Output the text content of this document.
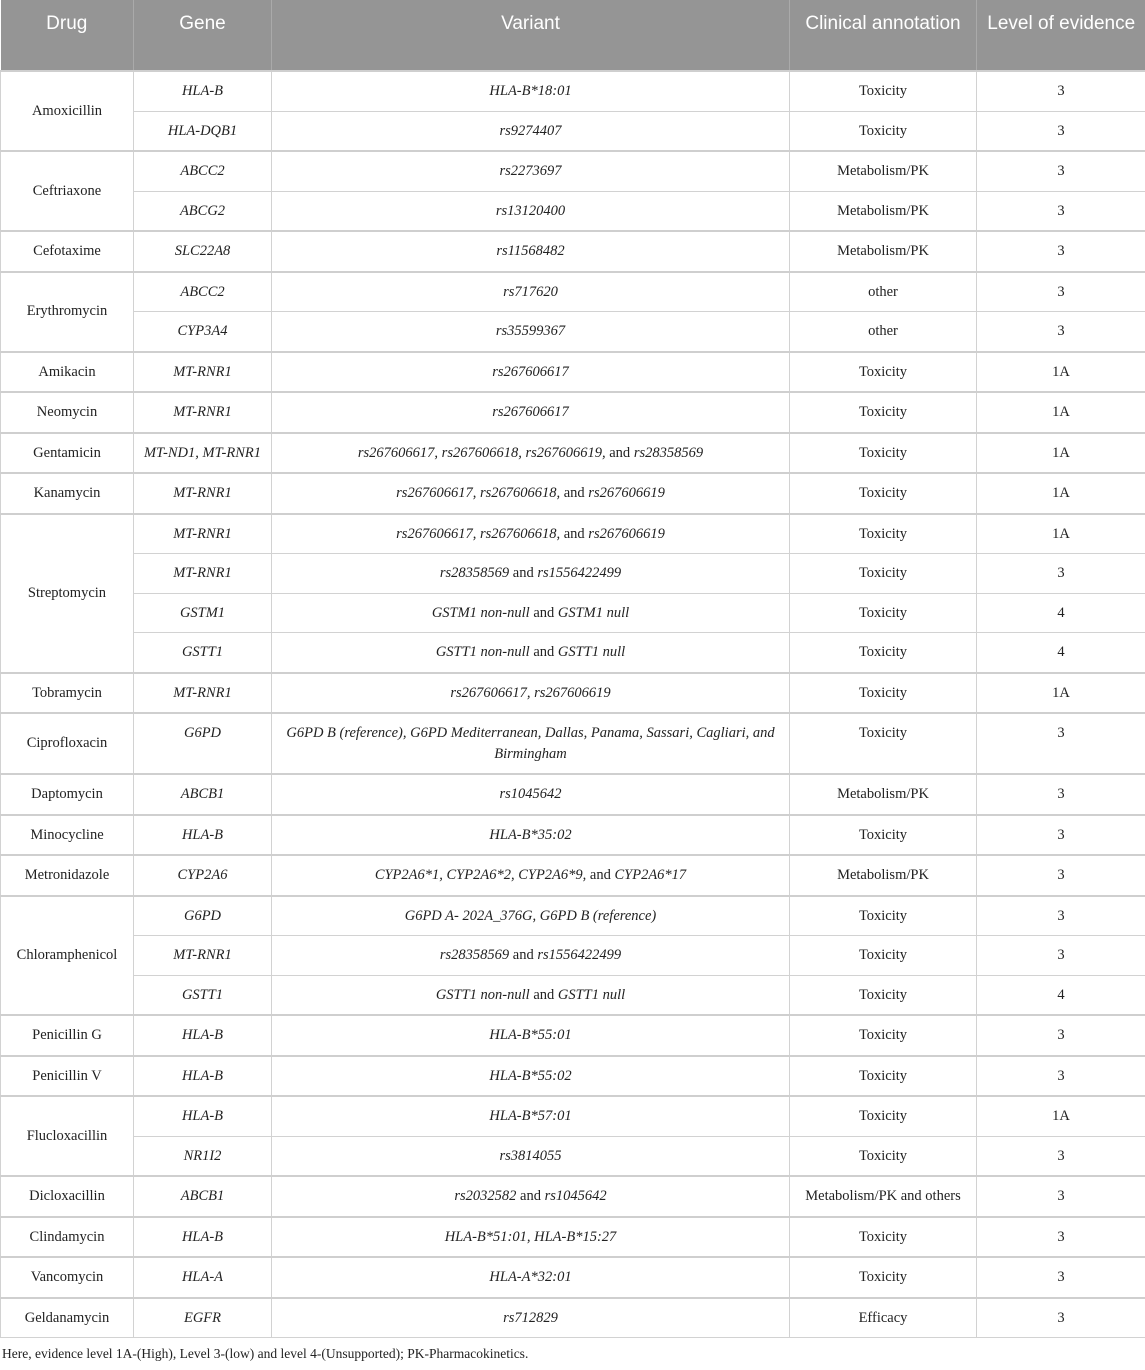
Drug	Gene	Variant	Clinical annotation	Level of evidence

Amoxicillin	HLA-B	HLA-B*18:01	Toxicity	3
	HLA-DQB1	rs9274407	Toxicity	3
Ceftriaxone	ABCC2	rs2273697	Metabolism/PK	3
	ABCG2	rs13120400	Metabolism/PK	3
Cefotaxime	SLC22A8	rs11568482	Metabolism/PK	3
Erythromycin	ABCC2	rs717620	other	3
	CYP3A4	rs35599367	other	3
Amikacin	MT-RNR1	rs267606617	Toxicity	1A
Neomycin	MT-RNR1	rs267606617	Toxicity	1A
Gentamicin	MT-ND1, MT-RNR1	rs267606617, rs267606618, rs267606619, and rs28358569	Toxicity	1A
Kanamycin	MT-RNR1	rs267606617, rs267606618, and rs267606619	Toxicity	1A
Streptomycin	MT-RNR1	rs267606617, rs267606618, and rs267606619	Toxicity	1A
	MT-RNR1	rs28358569 and rs1556422499	Toxicity	3
	GSTM1	GSTM1 non-null and GSTM1 null	Toxicity	4
	GSTT1	GSTT1 non-null and GSTT1 null	Toxicity	4
Tobramycin	MT-RNR1	rs267606617, rs267606619	Toxicity	1A
Ciprofloxacin	G6PD	G6PD B (reference), G6PD Mediterranean, Dallas, Panama, Sassari, Cagliari, and Birmingham	Toxicity	3
Daptomycin	ABCB1	rs1045642	Metabolism/PK	3
Minocycline	HLA-B	HLA-B*35:02	Toxicity	3
Metronidazole	CYP2A6	CYP2A6*1, CYP2A6*2, CYP2A6*9, and CYP2A6*17	Metabolism/PK	3
Chloramphenicol	G6PD	G6PD A- 202A_376G, G6PD B (reference)	Toxicity	3
	MT-RNR1	rs28358569 and rs1556422499	Toxicity	3
	GSTT1	GSTT1 non-null and GSTT1 null	Toxicity	4
Penicillin G	HLA-B	HLA-B*55:01	Toxicity	3
Penicillin V	HLA-B	HLA-B*55:02	Toxicity	3
Flucloxacillin	HLA-B	HLA-B*57:01	Toxicity	1A
	NR1I2	rs3814055	Toxicity	3
Dicloxacillin	ABCB1	rs2032582 and rs1045642	Metabolism/PK and others	3
Clindamycin	HLA-B	HLA-B*51:01, HLA-B*15:27	Toxicity	3
Vancomycin	HLA-A	HLA-A*32:01	Toxicity	3
Geldanamycin	EGFR	rs712829	Efficacy	3
Here, evidence level 1A-(High), Level 3-(low) and level 4-(Unsupported); PK-Pharmacokinetics.
